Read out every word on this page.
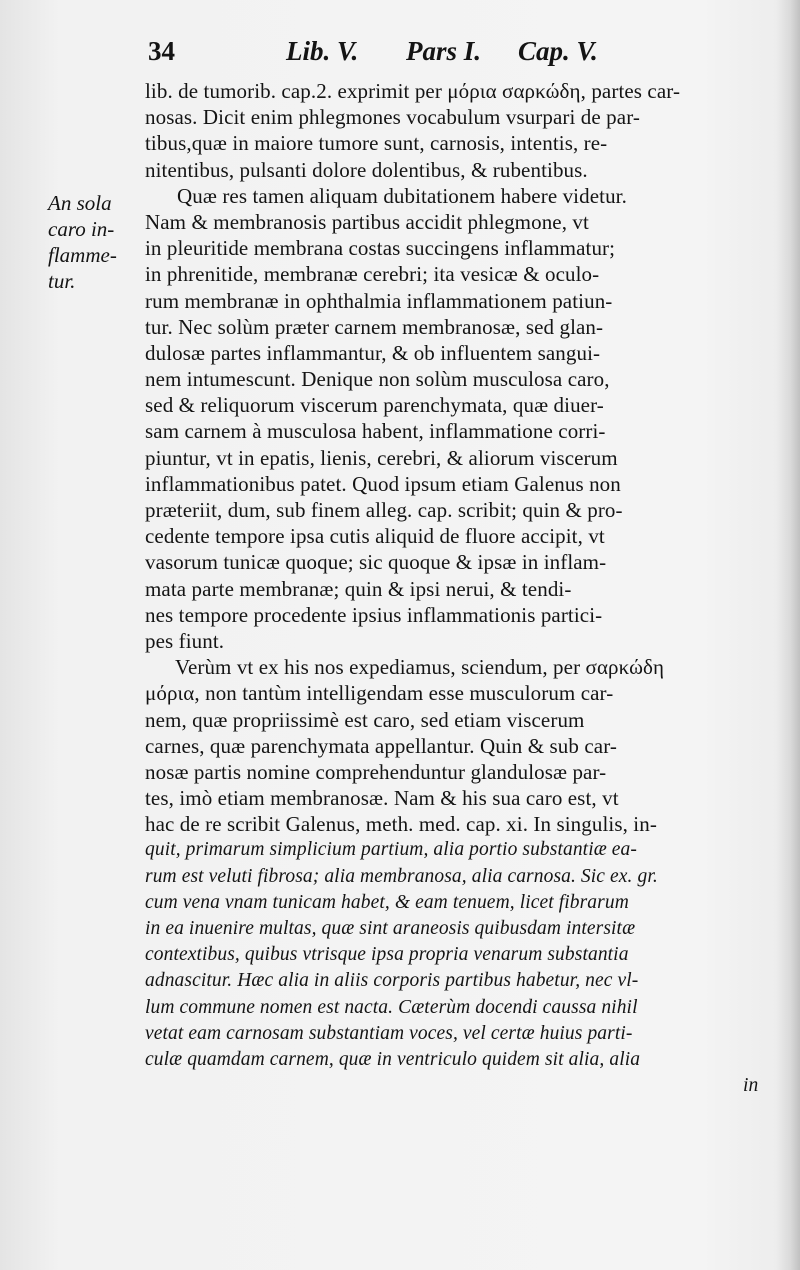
34	Lib. V. Pars I. Cap. V.
An sola
caro in-
flamme-
tur.
lib. de tumorib. cap.2. exprimit per μόρια σαρκώδη, partes car-
nosas. Dicit enim phlegmones vocabulum vsurpari de par-
tibus,quæ in maiore tumore sunt, carnosis, intentis, re-
nitentibus, pulsanti dolore dolentibus, & rubentibus.
Quæ res tamen aliquam dubitationem habere videtur.
Nam & membranosis partibus accidit phlegmone, vt
in pleuritide membrana costas succingens inflammatur;
in phrenitide, membranæ cerebri; ita vesicæ & oculo-
rum membranæ in ophthalmia inflammationem patiun-
tur. Nec solùm præter carnem membranosæ, sed glan-
dulosæ partes inflammantur, & ob influentem sangui-
nem intumescunt. Denique non solùm musculosa caro,
sed & reliquorum viscerum parenchymata, quæ diuer-
sam carnem à musculosa habent, inflammatione corri-
piuntur, vt in epatis, lienis, cerebri, & aliorum viscerum
inflammationibus patet. Quod ipsum etiam Galenus non
præteriit, dum, sub finem alleg. cap. scribit; quin & pro-
cedente tempore ipsa cutis aliquid de fluore accipit, vt
vasorum tunicæ quoque; sic quoque & ipsæ in inflam-
mata parte membranæ; quin & ipsi nerui, & tendi-
nes tempore procedente ipsius inflammationis partici-
pes fiunt.
Verùm vt ex his nos expediamus, sciendum, per σαρκώδη
μόρια, non tantùm intelligendam esse musculorum car-
nem, quæ propriissimè est caro, sed etiam viscerum
carnes, quæ parenchymata appellantur. Quin & sub car-
nosæ partis nomine comprehenduntur glandulosæ par-
tes, imò etiam membranosæ. Nam & his sua caro est, vt
hac de re scribit Galenus, meth. med. cap. xi. In singulis, in-
quit, primarum simplicium partium, alia portio substantiæ ea-
rum est veluti fibrosa; alia membranosa, alia carnosa. Sic ex. gr.
cum vena vnam tunicam habet, & eam tenuem, licet fibrarum
in ea inuenire multas, quæ sint araneosis quibusdam intersitæ
contextibus, quibus vtrisque ipsa propria venarum substantia
adnascitur. Hæc alia in aliis corporis partibus habetur, nec vl-
lum commune nomen est nacta. Cæterùm docendi caussa nihil
vetat eam carnosam substantiam voces, vel certæ huius parti-
culæ quamdam carnem, quæ in ventriculo quidem sit alia, alia
in
